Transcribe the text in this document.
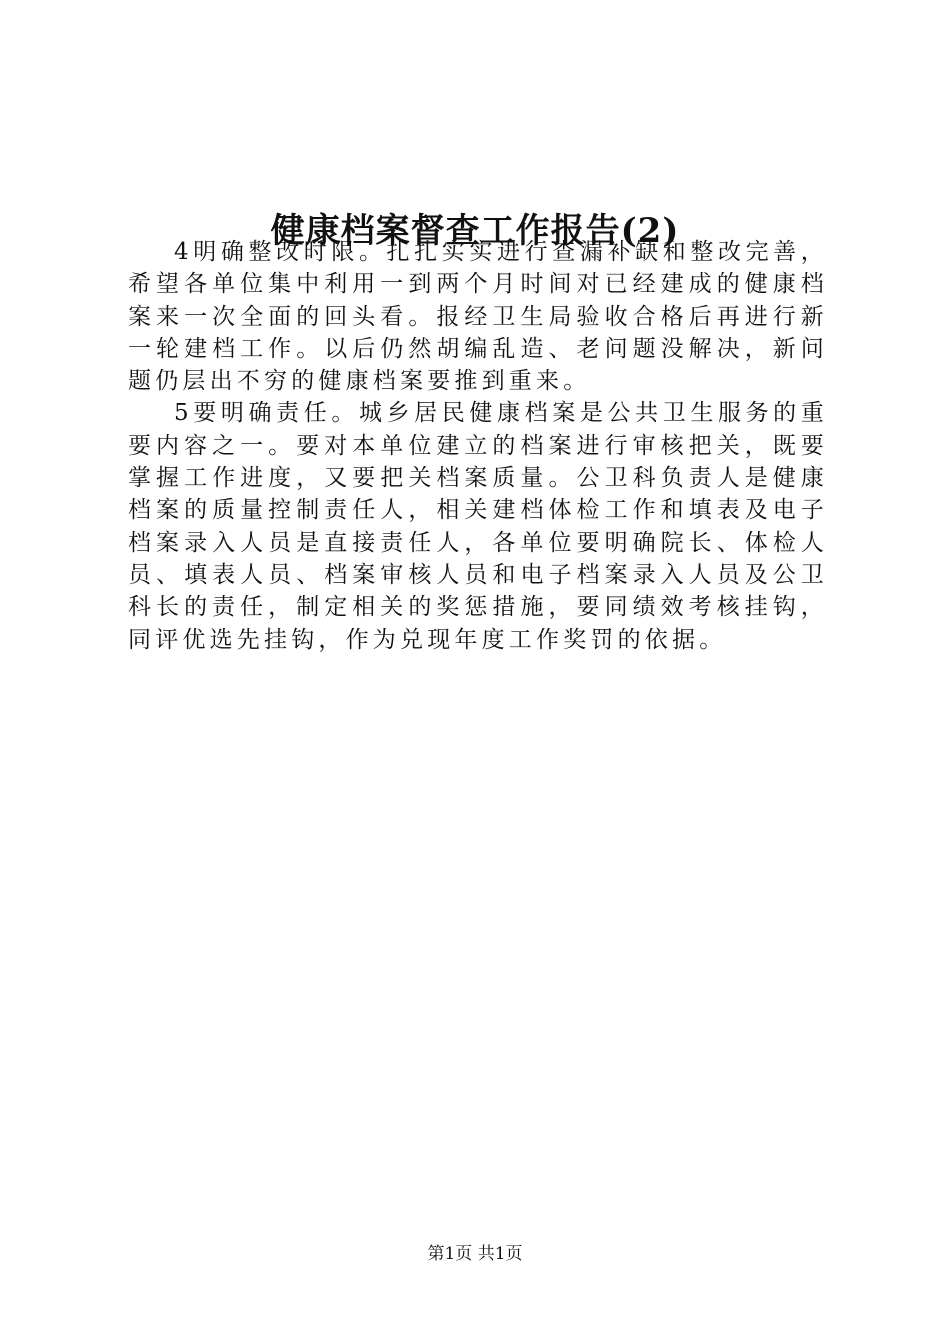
健康档案督查工作报告(2)

4明确整改时限。扎扎实实进行查漏补缺和整改完善，希望各单位集中利用一到两个月时间对已经建成的健康档案来一次全面的回头看。报经卫生局验收合格后再进行新一轮建档工作。以后仍然胡编乱造、老问题没解决，新问题仍层出不穷的健康档案要推到重来。

5要明确责任。城乡居民健康档案是公共卫生服务的重要内容之一。要对本单位建立的档案进行审核把关，既要掌握工作进度，又要把关档案质量。公卫科负责人是健康档案的质量控制责任人，相关建档体检工作和填表及电子档案录入人员是直接责任人，各单位要明确院长、体检人员、填表人员、档案审核人员和电子档案录入人员及公卫科长的责任，制定相关的奖惩措施，要同绩效考核挂钩，同评优选先挂钩，作为兑现年度工作奖罚的依据。

第1页 共1页
